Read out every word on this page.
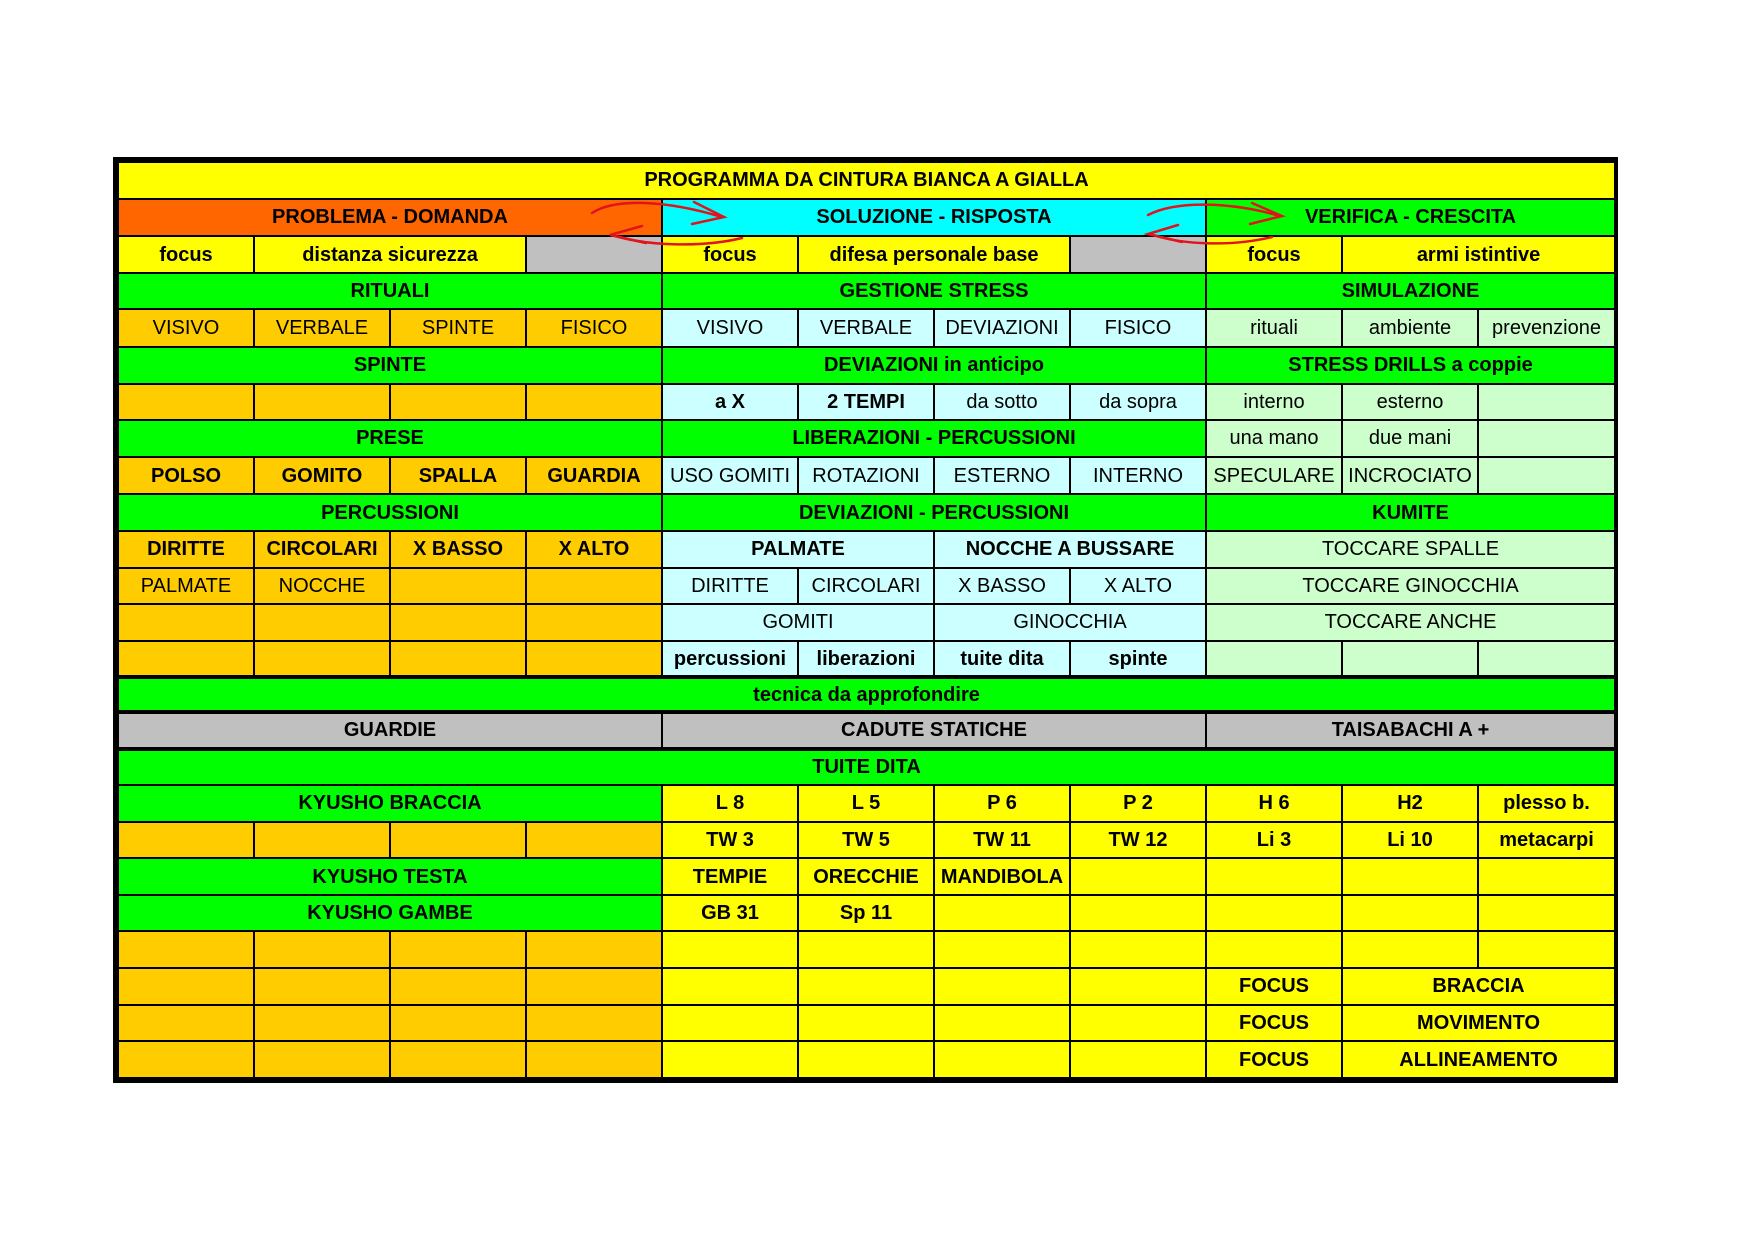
PROGRAMMA DA CINTURA BIANCA A GIALLA										
PROBLEMA - DOMANDA				SOLUZIONE - RISPOSTA				VERIFICA - CRESCITA		
focus	distanza sicurezza			focus	difesa personale base			focus	armi istintive	
RITUALI				GESTIONE STRESS				SIMULAZIONE		
VISIVO	VERBALE	SPINTE	FISICO	VISIVO	VERBALE	DEVIAZIONI	FISICO	rituali	ambiente	prevenzione
SPINTE				DEVIAZIONI in anticipo				STRESS DRILLS a coppie		
				a X	2 TEMPI	da sotto	da sopra	interno	esterno	
PRESE				LIBERAZIONI - PERCUSSIONI				una mano	due mani	
POLSO	GOMITO	SPALLA	GUARDIA	USO GOMITI	ROTAZIONI	ESTERNO	INTERNO	SPECULARE	INCROCIATO	
PERCUSSIONI				DEVIAZIONI - PERCUSSIONI				KUMITE		
DIRITTE	CIRCOLARI	X BASSO	X ALTO	PALMATE		NOCCHE A BUSSARE		TOCCARE SPALLE		
PALMATE	NOCCHE			DIRITTE	CIRCOLARI	X BASSO	X ALTO	TOCCARE GINOCCHIA		
				GOMITI		GINOCCHIA		TOCCARE ANCHE		
				percussioni	liberazioni	tuite dita	spinte			
tecnica da approfondire										
GUARDIE				CADUTE STATICHE				TAISABACHI A +		
TUITE DITA										
KYUSHO BRACCIA				L 8	L 5	P 6	P 2	H 6	H2	plesso b.
				TW 3	TW 5	TW 11	TW 12	Li 3	Li 10	metacarpi
KYUSHO TESTA				TEMPIE	ORECCHIE	MANDIBOLA				
KYUSHO GAMBE				GB 31	Sp 11					

								FOCUS	BRACCIA	
								FOCUS	MOVIMENTO	
								FOCUS	ALLINEAMENTO	
